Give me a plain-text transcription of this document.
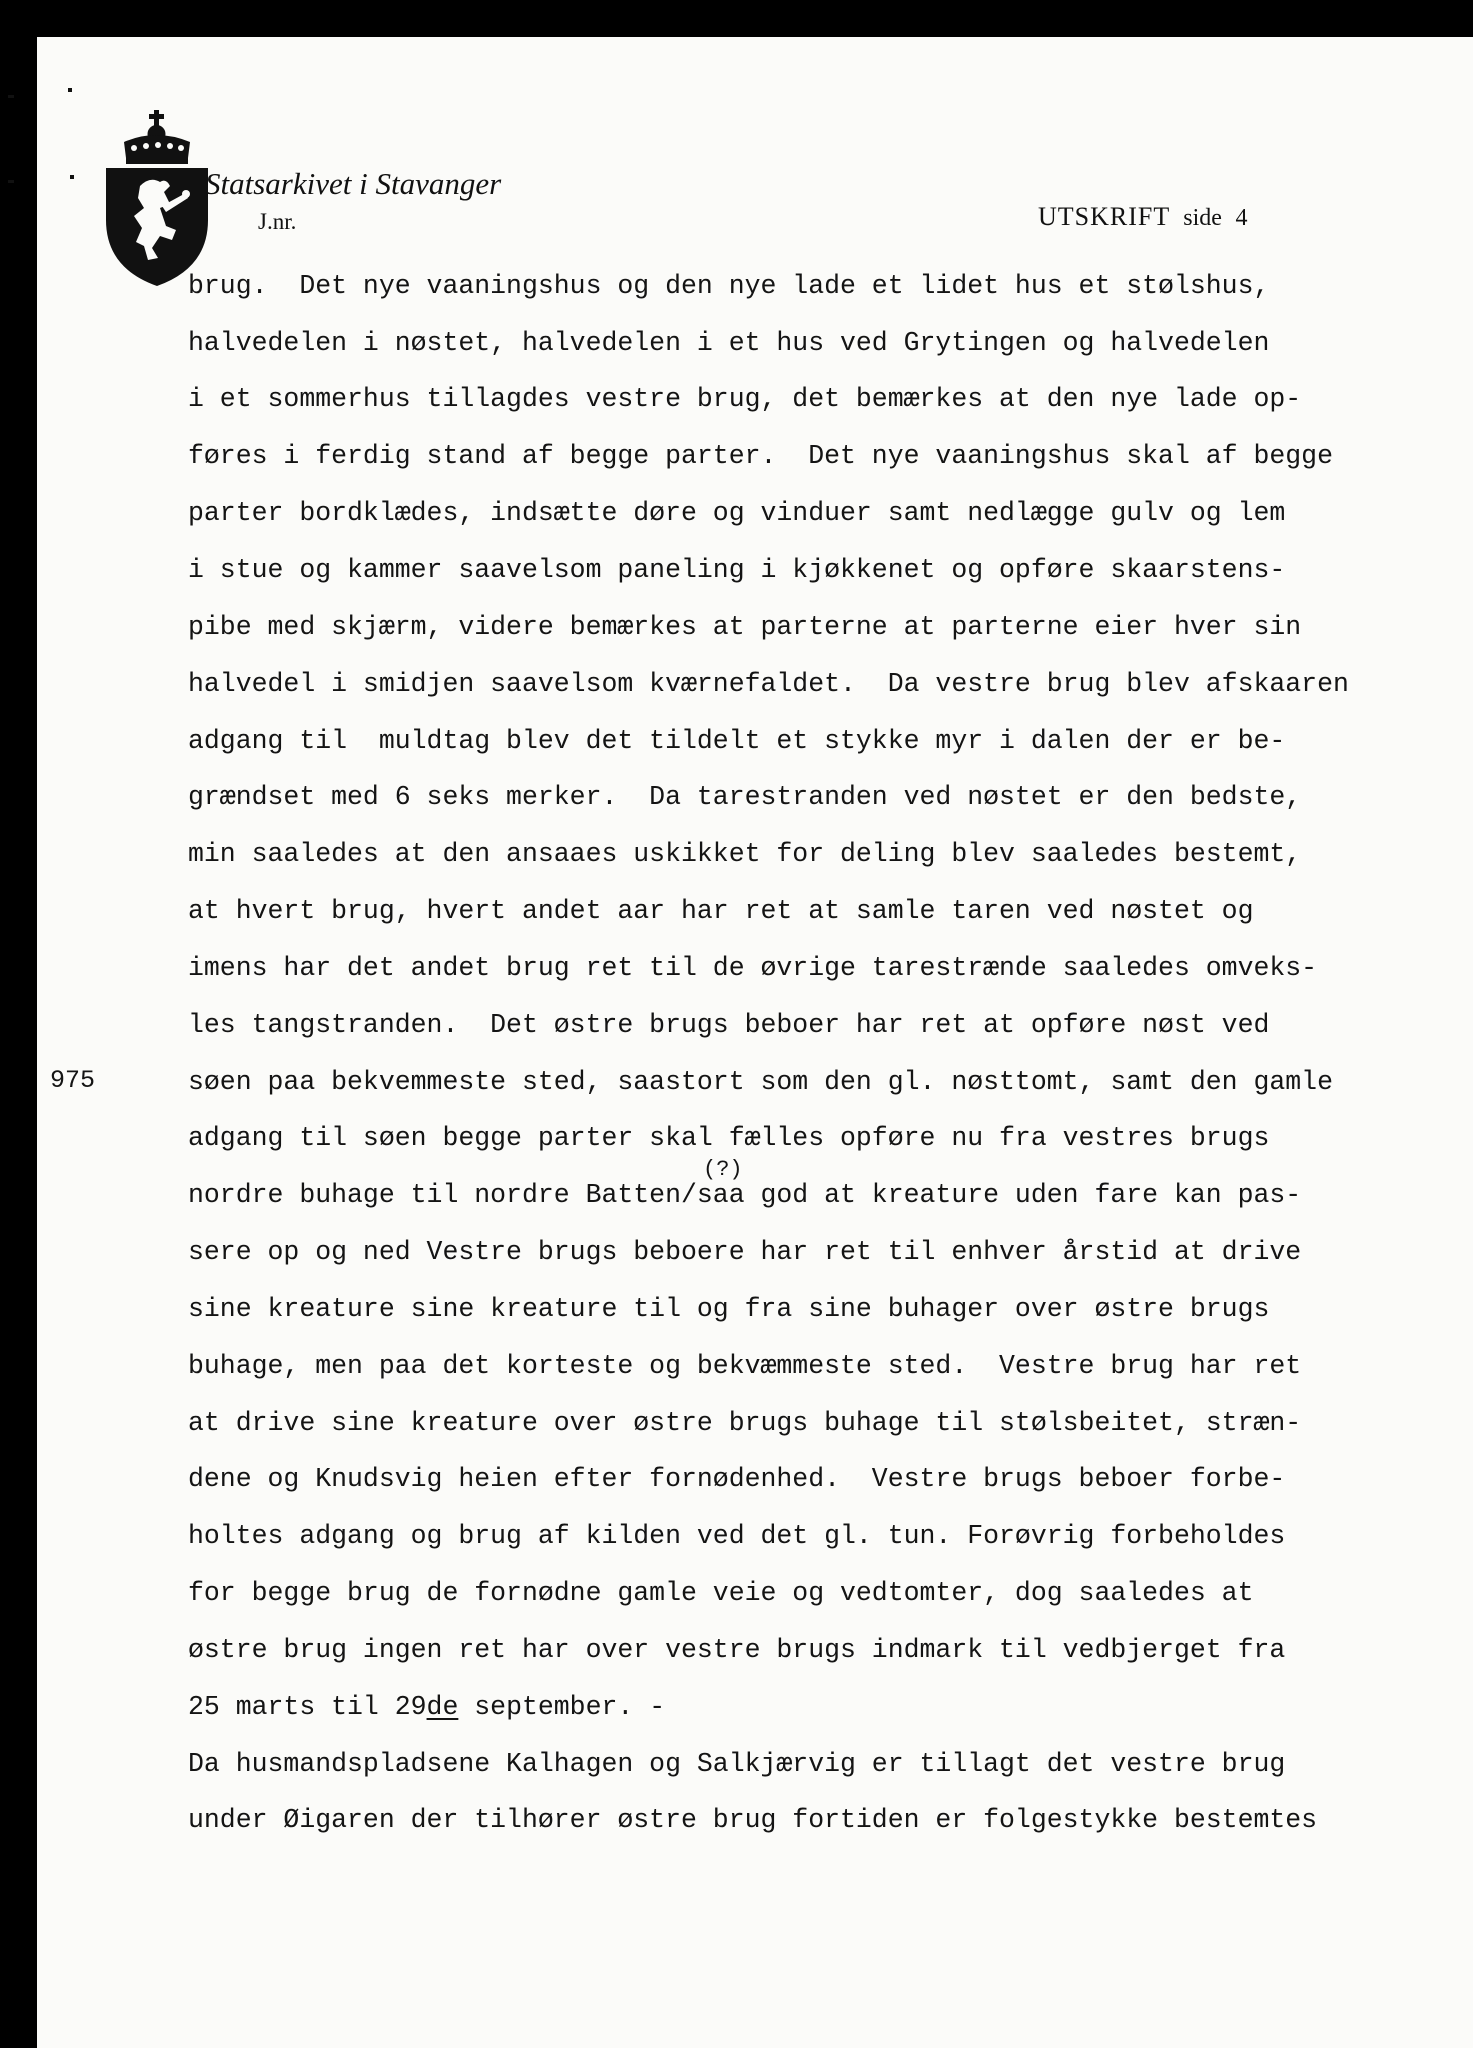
Statsarkivet i Stavanger
J.nr.	UTSKRIFT side 4
975
(?)
brug.  Det nye vaaningshus og den nye lade et lidet hus et stølshus,
halvedelen i nøstet, halvedelen i et hus ved Grytingen og halvedelen
i et sommerhus tillagdes vestre brug, det bemærkes at den nye lade op-
føres i ferdig stand af begge parter.  Det nye vaaningshus skal af begge
parter bordklædes, indsætte døre og vinduer samt nedlægge gulv og lem
i stue og kammer saavelsom paneling i kjøkkenet og opføre skaarstens-
pibe med skjærm, videre bemærkes at parterne at parterne eier hver sin
halvedel i smidjen saavelsom kværnefaldet.  Da vestre brug blev afskaaren
adgang til  muldtag blev det tildelt et stykke myr i dalen der er be-
grændset med 6 seks merker.  Da tarestranden ved nøstet er den bedste,
min saaledes at den ansaaes uskikket for deling blev saaledes bestemt,
at hvert brug, hvert andet aar har ret at samle taren ved nøstet og
imens har det andet brug ret til de øvrige tarestrænde saaledes omveks-
les tangstranden.  Det østre brugs beboer har ret at opføre nøst ved
søen paa bekvemmeste sted, saastort som den gl. nøsttomt, samt den gamle
adgang til søen begge parter skal fælles opføre nu fra vestres brugs
nordre buhage til nordre Batten/saa god at kreature uden fare kan pas-
sere op og ned Vestre brugs beboere har ret til enhver årstid at drive
sine kreature sine kreature til og fra sine buhager over østre brugs
buhage, men paa det korteste og bekvæmmeste sted.  Vestre brug har ret
at drive sine kreature over østre brugs buhage til stølsbeitet, stræn-
dene og Knudsvig heien efter fornødenhed.  Vestre brugs beboer forbe-
holtes adgang og brug af kilden ved det gl. tun. Forøvrig forbeholdes
for begge brug de fornødne gamle veie og vedtomter, dog saaledes at
østre brug ingen ret har over vestre brugs indmark til vedbjerget fra
25 marts til 29de september. -
Da husmandspladsene Kalhagen og Salkjærvig er tillagt det vestre brug
under Øigaren der tilhører østre brug fortiden er folgestykke bestemtes
